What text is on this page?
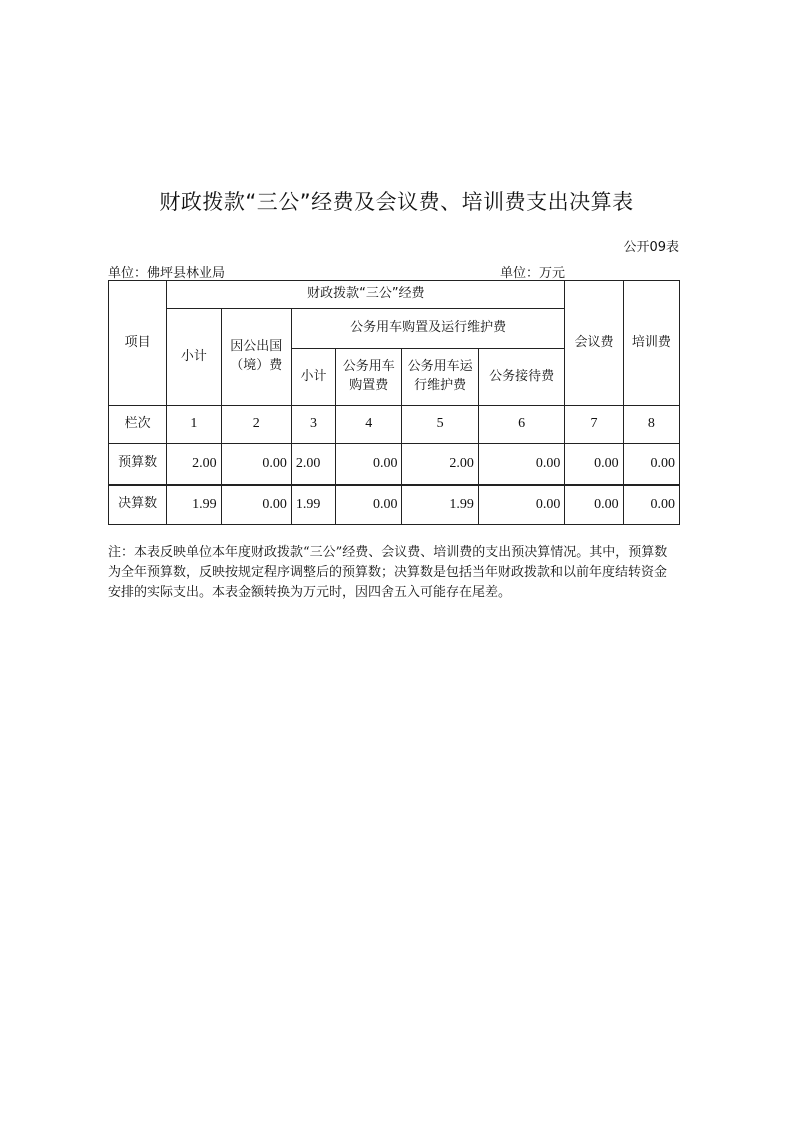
财政拨款“三公”经费及会议费、培训费支出决算表
公开09表
单位：佛坪县林业局	单位：万元
项目	财政拨款“三公”经费						会议费	培训费
	小计	因公出国（境）费	公务用车购置及运行维护费					
			小计	公务用车购置费	公务用车运行维护费	公务接待费		
栏次	1	2	3	4	5	6	7	8
预算数	2.00	0.00	2.00	0.00	2.00	0.00	0.00	0.00
决算数	1.99	0.00	1.99	0.00	1.99	0.00	0.00	0.00
注：本表反映单位本年度财政拨款“三公”经费、会议费、培训费的支出预决算情况。其中，预算数为全年预算数，反映按规定程序调整后的预算数；决算数是包括当年财政拨款和以前年度结转资金安排的实际支出。本表金额转换为万元时，因四舍五入可能存在尾差。
